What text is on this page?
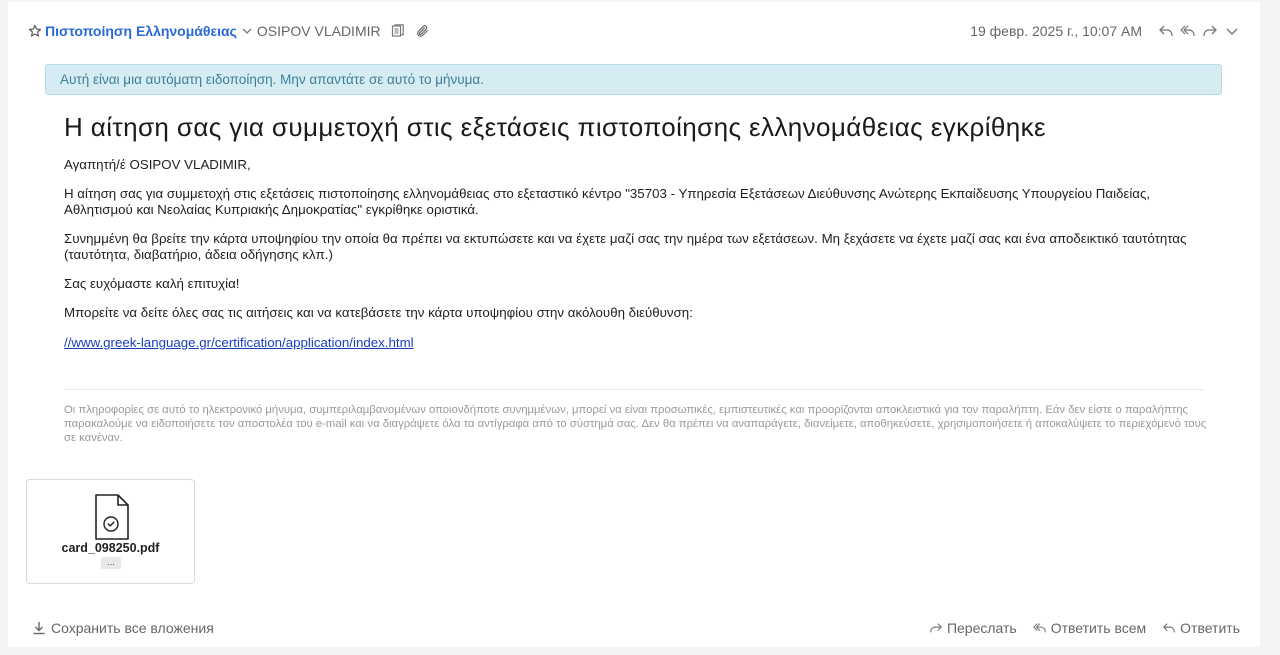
Πιστοποίηση Ελληνομάθειας OSIPOV VLADIMIR	19 февр. 2025 г., 10:07 AM
Αυτή είναι μια αυτόματη ειδοποίηση. Μην απαντάτε σε αυτό το μήνυμα.
Η αίτηση σας για συμμετοχή στις εξετάσεις πιστοποίησης ελληνομάθειας εγκρίθηκε

Αγαπητή/έ OSIPOV VLADIMIR,

Η αίτηση σας για συμμετοχή στις εξετάσεις πιστοποίησης ελληνομάθειας στο εξεταστικό κέντρο "35703 - Υπηρεσία Εξετάσεων Διεύθυνσης Ανώτερης Εκπαίδευσης Υπουργείου Παιδείας, Αθλητισμού και Νεολαίας Κυπριακής Δημοκρατίας" εγκρίθηκε οριστικά.

Συνημμένη θα βρείτε την κάρτα υποψηφίου την οποία θα πρέπει να εκτυπώσετε και να έχετε μαζί σας την ημέρα των εξετάσεων. Μη ξεχάσετε να έχετε μαζί σας και ένα αποδεικτικό ταυτότητας (ταυτότητα, διαβατήριο, άδεια οδήγησης κλπ.)

Σας ευχόμαστε καλή επιτυχία!

Μπορείτε να δείτε όλες σας τις αιτήσεις και να κατεβάσετε την κάρτα υποψηφίου στην ακόλουθη διεύθυνση:

//www.greek-language.gr/certification/application/index.html
Οι πληροφορίες σε αυτό το ηλεκτρονικό μήνυμα, συμπεριλαμβανομένων οποιονδήποτε συνημμένων, μπορεί να είναι προσωπικές, εμπιστευτικές και προορίζονται αποκλειστικά για τον παραλήπτη. Εάν δεν είστε ο παραλήπτης παρακαλούμε να ειδοποιήσετε τον αποστολέα του e-mail και να διαγράψετε όλα τα αντίγραφα από το σύστημά σας. Δεν θα πρέπει να αναπαράγετε, διανείμετε, αποθηκεύσετε, χρησιμοποιήσετε ή αποκαλύψετε το περιεχόμενό τους σε κανέναν.
card_098250.pdf
...
Сохранить все вложения	Переслать Ответить всем Ответить
